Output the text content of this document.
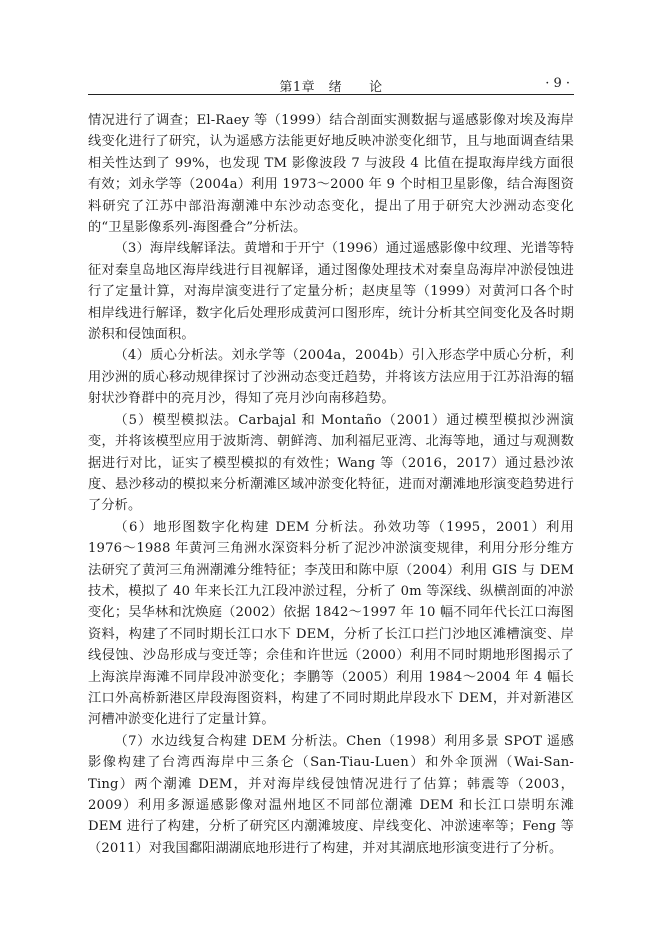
第1章　绪　　论	· 9 ·

情况进行了调查；El-Raey 等（1999）结合剖面实测数据与遥感影像对埃及海岸线变化进行了研究，认为遥感方法能更好地反映冲淤变化细节，且与地面调查结果相关性达到了 99%，也发现 TM 影像波段 7 与波段 4 比值在提取海岸线方面很有效；刘永学等（2004a）利用 1973～2000 年 9 个时相卫星影像，结合海图资料研究了江苏中部沿海潮滩中东沙动态变化，提出了用于研究大沙洲动态变化的“卫星影像系列-海图叠合”分析法。

（3）海岸线解译法。黄增和于开宁（1996）通过遥感影像中纹理、光谱等特征对秦皇岛地区海岸线进行目视解译，通过图像处理技术对秦皇岛海岸冲淤侵蚀进行了定量计算，对海岸演变进行了定量分析；赵庚星等（1999）对黄河口各个时相岸线进行解译，数字化后处理形成黄河口图形库，统计分析其空间变化及各时期淤积和侵蚀面积。

（4）质心分析法。刘永学等（2004a，2004b）引入形态学中质心分析，利用沙洲的质心移动规律探讨了沙洲动态变迁趋势，并将该方法应用于江苏沿海的辐射状沙脊群中的亮月沙，得知了亮月沙向南移趋势。

（5）模型模拟法。Carbajal 和 Montaño（2001）通过模型模拟沙洲演变，并将该模型应用于波斯湾、朝鲜湾、加利福尼亚湾、北海等地，通过与观测数据进行对比，证实了模型模拟的有效性；Wang 等（2016，2017）通过悬沙浓度、悬沙移动的模拟来分析潮滩区域冲淤变化特征，进而对潮滩地形演变趋势进行了分析。

（6）地形图数字化构建 DEM 分析法。孙效功等（1995，2001）利用 1976～1988 年黄河三角洲水深资料分析了泥沙冲淤演变规律，利用分形分维方法研究了黄河三角洲潮滩分维特征；李茂田和陈中原（2004）利用 GIS 与 DEM 技术，模拟了 40 年来长江九江段冲淤过程，分析了 0m 等深线、纵横剖面的冲淤变化；吴华林和沈焕庭（2002）依据 1842～1997 年 10 幅不同年代长江口海图资料，构建了不同时期长江口水下 DEM，分析了长江口拦门沙地区滩槽演变、岸线侵蚀、沙岛形成与变迁等；佘佳和许世远（2000）利用不同时期地形图揭示了上海滨岸海滩不同岸段冲淤变化；李鹏等（2005）利用 1984～2004 年 4 幅长江口外高桥新港区岸段海图资料，构建了不同时期此岸段水下 DEM，并对新港区河槽冲淤变化进行了定量计算。

（7）水边线复合构建 DEM 分析法。Chen（1998）利用多景 SPOT 遥感影像构建了台湾西海岸中三条仑（San-Tiau-Luen）和外伞顶洲（Wai-San-Ting）两个潮滩 DEM，并对海岸线侵蚀情况进行了估算；韩震等（2003，2009）利用多源遥感影像对温州地区不同部位潮滩 DEM 和长江口崇明东滩 DEM 进行了构建，分析了研究区内潮滩坡度、岸线变化、冲淤速率等；Feng 等（2011）对我国鄱阳湖湖底地形进行了构建，并对其湖底地形演变进行了分析。
